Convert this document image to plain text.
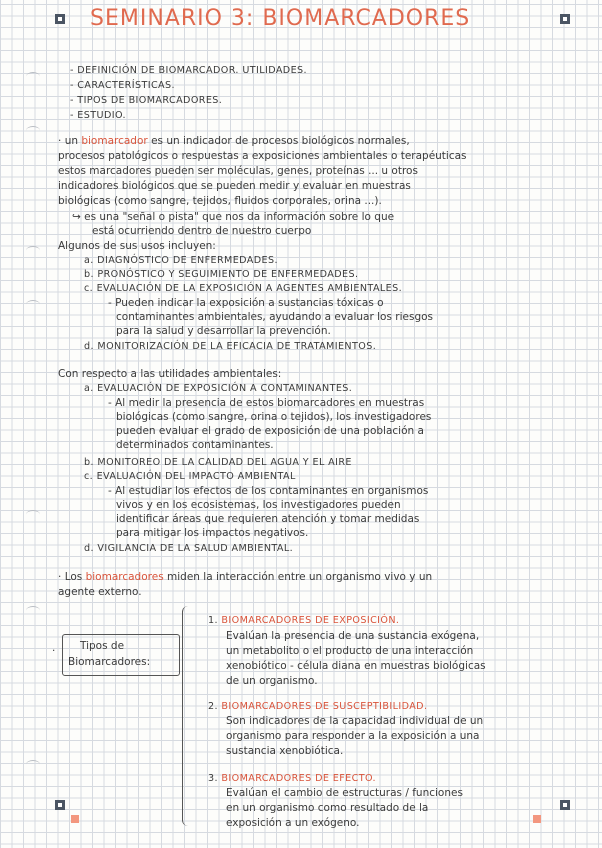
SEMINARIO 3: BIOMARCADORES
- DEFINICIÓN DE BIOMARCADOR. UTILIDADES.
- CARACTERÍSTICAS.
- TIPOS DE BIOMARCADORES.
- ESTUDIO.
· un biomarcador es un indicador de procesos biológicos normales,
procesos patológicos o respuestas a exposiciones ambientales o terapéuticas
estos marcadores pueden ser moléculas, genes, proteínas ... u otros
indicadores biológicos que se pueden medir y evaluar en muestras
biológicas (como sangre, tejidos, fluidos corporales, orina ...).
↪ es una "señal o pista" que nos da información sobre lo que
está ocurriendo dentro de nuestro cuerpo
Algunos de sus usos incluyen:
a. DIAGNÓSTICO DE ENFERMEDADES.
b. PRONÓSTICO Y SEGUIMIENTO DE ENFERMEDADES.
c. EVALUACIÓN DE LA EXPOSICIÓN A AGENTES AMBIENTALES.
- Pueden indicar la exposición a sustancias tóxicas o
contaminantes ambientales, ayudando a evaluar los riesgos
para la salud y desarrollar la prevención.
d. MONITORIZACIÓN DE LA EFICACIA DE TRATAMIENTOS.
Con respecto a las utilidades ambientales:
a. EVALUACIÓN DE EXPOSICIÓN A CONTAMINANTES.
- Al medir la presencia de estos biomarcadores en muestras
biológicas (como sangre, orina o tejidos), los investigadores
pueden evaluar el grado de exposición de una población a
determinados contaminantes.
b. MONITOREO DE LA CALIDAD DEL AGUA Y EL AIRE
c. EVALUACIÓN DEL IMPACTO AMBIENTAL
- Al estudiar los efectos de los contaminantes en organismos
vivos y en los ecosistemas, los investigadores pueden
identificar áreas que requieren atención y tomar medidas
para mitigar los impactos negativos.
d. VIGILANCIA DE LA SALUD AMBIENTAL.
· Los biomarcadores miden la interacción entre un organismo vivo y un
agente externo.
· Tipos de
Biomarcadores:
1. BIOMARCADORES DE EXPOSICIÓN.
Evalúan la presencia de una sustancia exógena,
un metabolito o el producto de una interacción
xenobiótico - célula diana en muestras biológicas
de un organismo.
2. BIOMARCADORES DE SUSCEPTIBILIDAD.
Son indicadores de la capacidad individual de un
organismo para responder a la exposición a una
sustancia xenobiótica.
3. BIOMARCADORES DE EFECTO.
Evalúan el cambio de estructuras / funciones
en un organismo como resultado de la
exposición a un exógeno.
